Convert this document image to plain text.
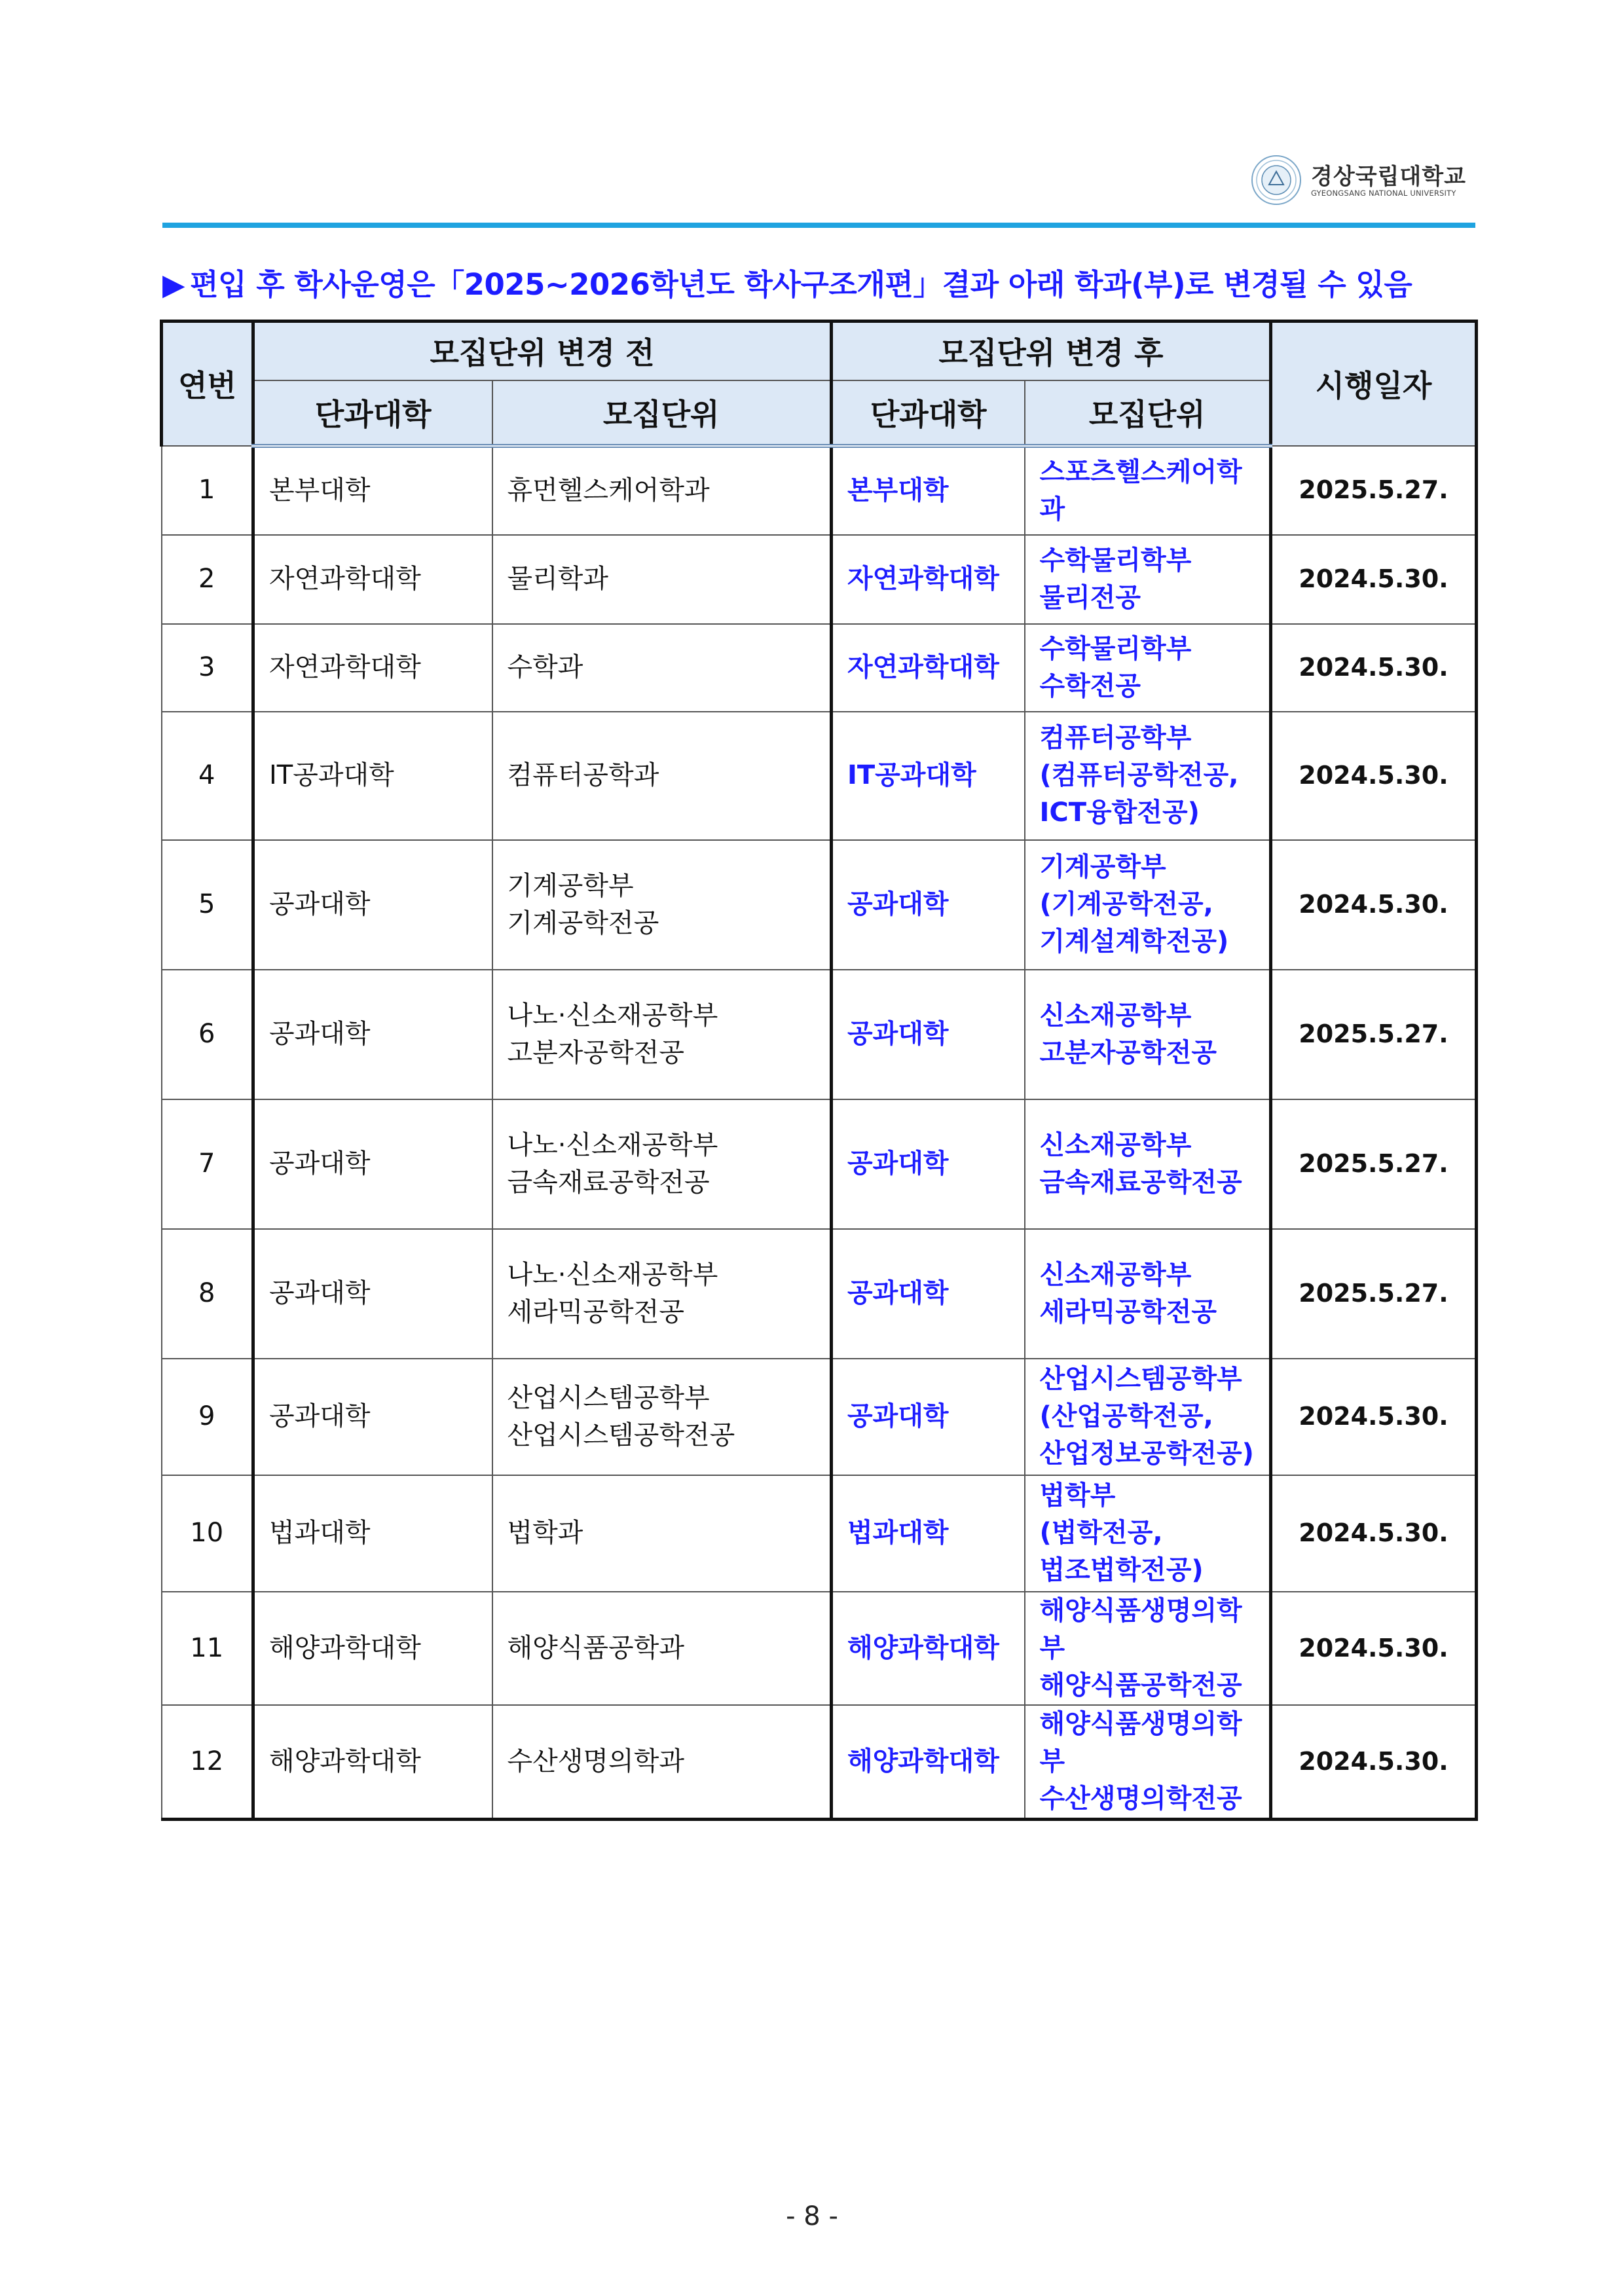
경상국립대학교
GYEONGSANG NATIONAL UNIVERSITY
▶ 편입 후 학사운영은「2025~2026학년도 학사구조개편」결과 아래 학과(부)로 변경될 수 있음
연번	모집단위 변경 전		모집단위 변경 후		시행일자
	단과대학	모집단위	단과대학	모집단위	
1	본부대학	휴먼헬스케어학과	본부대학	스포츠헬스케어학과	2025.5.27.
2	자연과학대학	물리학과	자연과학대학	수학물리학부
물리전공	2024.5.30.
3	자연과학대학	수학과	자연과학대학	수학물리학부
수학전공	2024.5.30.
4	IT공과대학	컴퓨터공학과	IT공과대학	컴퓨터공학부
(컴퓨터공학전공,
ICT융합전공)	2024.5.30.
5	공과대학	기계공학부
기계공학전공	공과대학	기계공학부
(기계공학전공,
기계설계학전공)	2024.5.30.
6	공과대학	나노·신소재공학부
고분자공학전공	공과대학	신소재공학부
고분자공학전공	2025.5.27.
7	공과대학	나노·신소재공학부
금속재료공학전공	공과대학	신소재공학부
금속재료공학전공	2025.5.27.
8	공과대학	나노·신소재공학부
세라믹공학전공	공과대학	신소재공학부
세라믹공학전공	2025.5.27.
9	공과대학	산업시스템공학부
산업시스템공학전공	공과대학	산업시스템공학부
(산업공학전공,
산업정보공학전공)	2024.5.30.
10	법과대학	법학과	법과대학	법학부
(법학전공,
법조법학전공)	2024.5.30.
11	해양과학대학	해양식품공학과	해양과학대학	해양식품생명의학부
해양식품공학전공	2024.5.30.
12	해양과학대학	수산생명의학과	해양과학대학	해양식품생명의학부
수산생명의학전공	2024.5.30.
- 8 -
